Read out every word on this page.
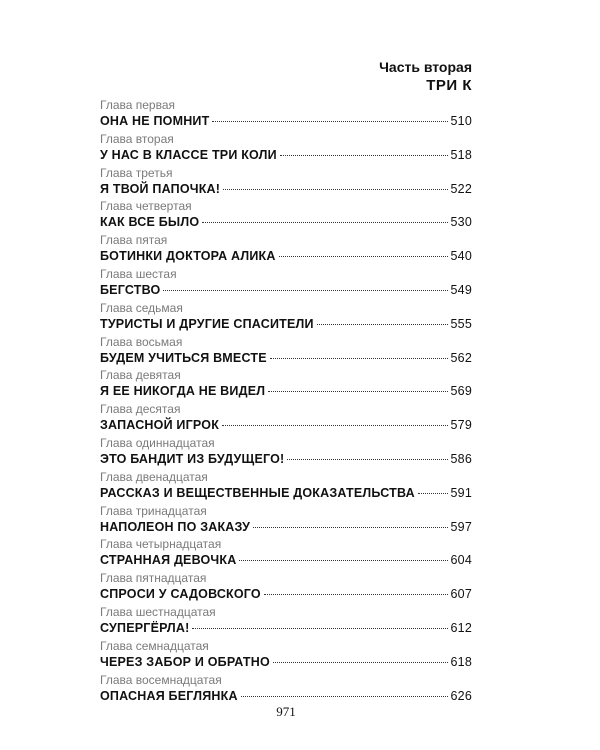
Часть вторая
ТРИ К
Глава первая
ОНА НЕ ПОМНИТ	510
Глава вторая
У НАС В КЛАССЕ ТРИ КОЛИ	518
Глава третья
Я ТВОЙ ПАПОЧКА!	522
Глава четвертая
КАК ВСЕ БЫЛО	530
Глава пятая
БОТИНКИ ДОКТОРА АЛИКА	540
Глава шестая
БЕГСТВО	549
Глава седьмая
ТУРИСТЫ И ДРУГИЕ СПАСИТЕЛИ	555
Глава восьмая
БУДЕМ УЧИТЬСЯ ВМЕСТЕ	562
Глава девятая
Я ЕЕ НИКОГДА НЕ ВИДЕЛ	569
Глава десятая
ЗАПАСНОЙ ИГРОК	579
Глава одиннадцатая
ЭТО БАНДИТ ИЗ БУДУЩЕГО!	586
Глава двенадцатая
РАССКАЗ И ВЕЩЕСТВЕННЫЕ ДОКАЗАТЕЛЬСТВА	591
Глава тринадцатая
НАПОЛЕОН ПО ЗАКАЗУ	597
Глава четырнадцатая
СТРАННАЯ ДЕВОЧКА	604
Глава пятнадцатая
СПРОСИ У САДОВСКОГО	607
Глава шестнадцатая
СУПЕРГЁРЛА!	612
Глава семнадцатая
ЧЕРЕЗ ЗАБОР И ОБРАТНО	618
Глава восемнадцатая
ОПАСНАЯ БЕГЛЯНКА	626
971
